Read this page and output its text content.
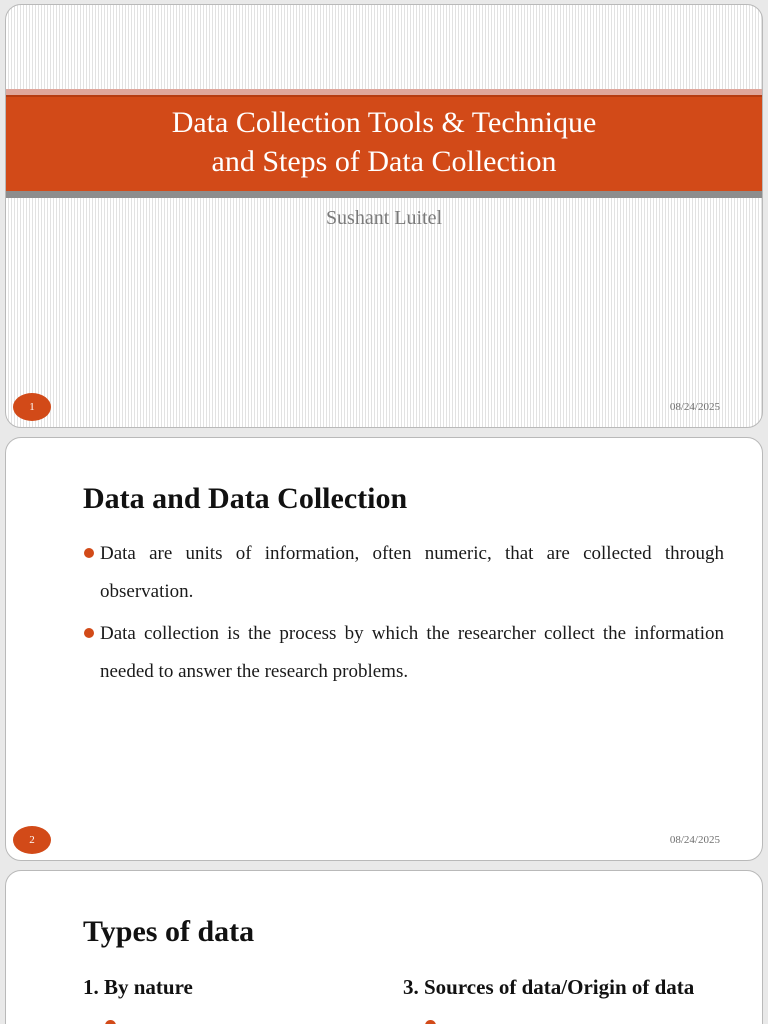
Data Collection Tools & Technique
and Steps of Data Collection
Sushant Luitel
1	08/24/2025
Data and Data Collection
Data are units of information, often numeric, that are collected through observation.
Data collection is the process by which the researcher collect the information needed to answer the research problems.
2	08/24/2025
Types of data
1. By nature	3. Sources of data/Origin of data
